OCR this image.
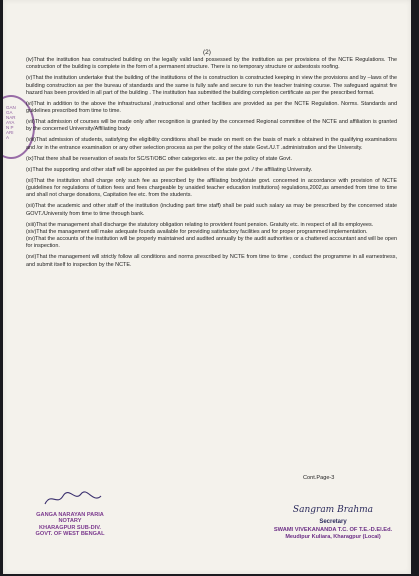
(2)
GANGA NARAYAN PARIA

(iv)That the institution has constructed building on the legally valid land possessed by the institution as per provisions of the NCTE Regulations. The construction of the building is complete in the form of a permanent structure. There is no temporary structure or asbestosis roofing.

(v)That the institution undertake that the building of the institutions of the is construction is constructed keeping in view the provisions and by –laws of the building construction as per the bureau of standards and the same is fully safe and secure to run the teacher training course. The safeguard against fire hazard has been provided in all part of the building . The institution has submitted the building completion certificate as per the prescribed format.

(vi)That in addition to the above the infrastructural ,instructional and other facilities are provided as per the NCTE Regulation. Norms. Standards and guidelines prescribed from time to time.

(vii)That admission of courses will be made only after recognition is granted by the concerned Regional committee of the NCTE and affiliation is granted by the concerned University/Affiliating body

(viii)That admission of students, satisfying the eligibility conditions shall be made on merit on the basis of mark s obtained in the qualifying examinations and /or in the entrance examination or any other selection process as per the policy of the state Govt./U.T .administration and the University.

(ix)That there shall be reservation of seats for SC/ST/OBC other categories etc. as per the policy of state Govt.

(x)That the supporting and other staff will be appointed as per the guidelines of the state govt ./ the affiliating University.

(xi)That the institution shall charge only such fee as prescribed by the affiliating body/state govt. concerned in accordance with provision of NCTE (guidelines for regulations of tuition fees and fees chargeable by unaided teacher education institutions) regulations,2002,as amended from time to time and shall not charge donations, Capitation fee etc. from the students.

(xii)That the academic and other staff of the institution (including part time staff) shall be paid such salary as may be prescribed by the concerned state GOVT./University from time to time through bank.

(xiii)That the management shall discharge the statutory obligation relating to provident fount pension. Gratuity etc. in respect of all its employees.
(xiv)That the management will make adequate founds available for providing satisfactory facilities and for proper programmed implementation.
(xv)That the accounts of the institution will be properly maintained and audited annually by the audit authorities or a chattered accountant and will be open for inspection.

(xvi)That the management will strictly follow all conditions and norms prescribed by NCTE from time to time , conduct the programme in all earnestness, and submit itself to inspection by the NCTE.

Cont.Page-3
GANGA NARAYAN PARIA
NOTARY
KHARAGPUR SUB-DIV.
GOVT. OF WEST BENGAL
Sangram Brahma
Secretary
SWAMI VIVEKANANDA T.C. OF T.E.-D.El.Ed.
Meudipur Kuliara, Kharagpur (Local)
